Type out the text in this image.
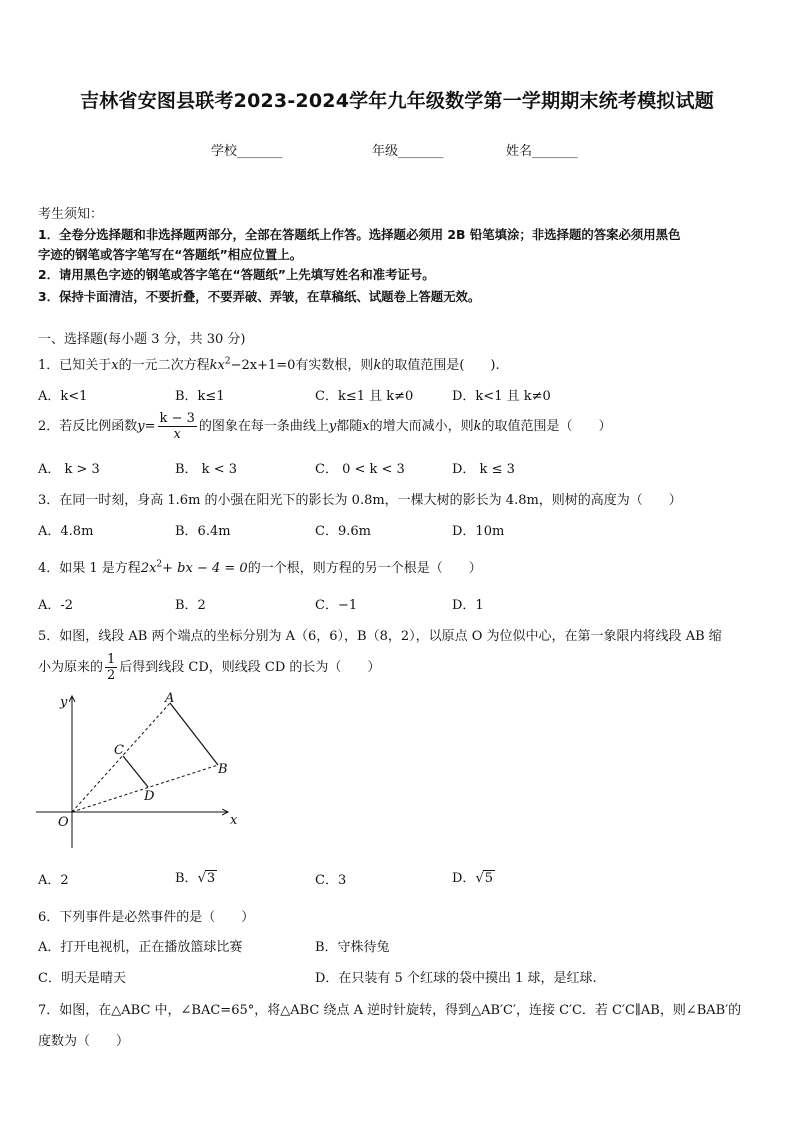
吉林省安图县联考2023-2024学年九年级数学第一学期期末统考模拟试题
学校_______	年级_______	姓名_______
考生须知：
1．全卷分选择题和非选择题两部分，全部在答题纸上作答。选择题必须用 2B 铅笔填涂；非选择题的答案必须用黑色
字迹的钢笔或答字笔写在“答题纸”相应位置上。
2．请用黑色字迹的钢笔或答字笔在“答题纸”上先填写姓名和准考证号。
3．保持卡面清洁，不要折叠，不要弄破、弄皱，在草稿纸、试题卷上答题无效。
一、选择题(每小题 3 分，共 30 分)
1．已知关于x的一元二次方程$kx^2-2x+1=0$有实数根，则k的取值范围是(　　).
A．k<1	B．k≤1	C．k≤1 且 k≠0	D．k<1 且 k≠0
2．若反比例函数$y= \frac{k - 3}{x}$ 的图象在每一条曲线上y都随x的增大而减小，则k的取值范围是（　　）
A． k > 3	B． k < 3	C． 0 < k < 3	D． k ≤ 3
3．在同一时刻，身高 1.6m 的小强在阳光下的影长为 0.8m，一棵大树的影长为 4.8m，则树的高度为（　　）
A．4.8m	B．6.4m	C．9.6m	D．10m
4．如果 1 是方程$2x^2+$ bx − 4 = 0的一个根，则方程的另一个根是（　　）
A．-2	B．2	C．−1	D．1
5．如图，线段 AB 两个端点的坐标分别为 A（6，6），B（8，2），以原点 O 为位似中心，在第一象限内将线段 AB 缩
小为原来的 $\frac{1}{2}$ 后得到线段 CD，则线段 CD 的长为（　　）
y
x
O
A
B
C
D
A．2	B．√3	C．3	D．√5
6．下列事件是必然事件的是（　　）
A．打开电视机，正在播放篮球比赛	B．守株待兔
C．明天是晴天	D．在只装有 5 个红球的袋中摸出 1 球，是红球.
7．如图，在△ABC 中，∠BAC=65°，将△ABC 绕点 A 逆时针旋转，得到△AB′C′，连接 C′C．若 C′C∥AB，则∠BAB′的
度数为（　　）
